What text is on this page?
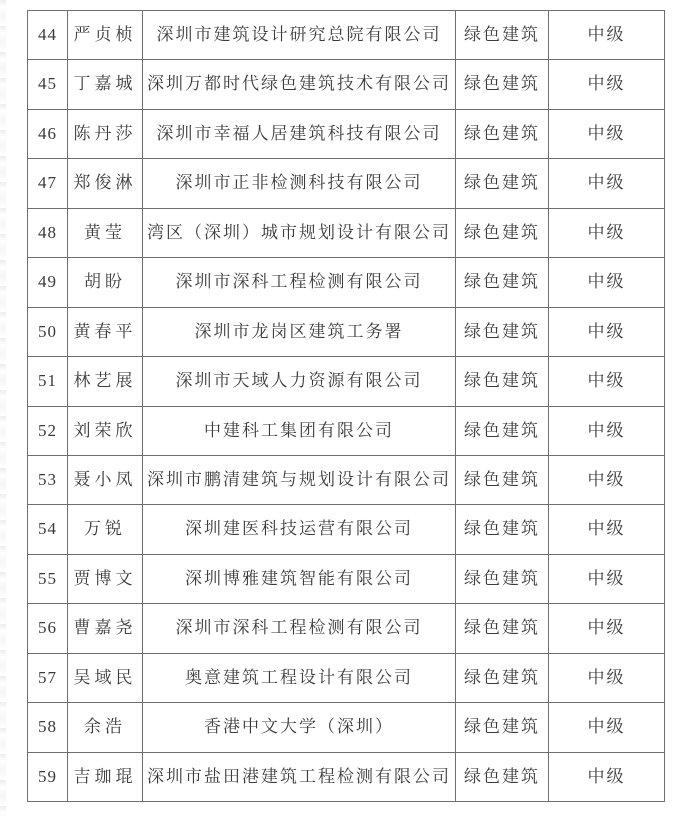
44	严贞桢	深圳市建筑设计研究总院有限公司	绿色建筑	中级
45	丁嘉城	深圳万都时代绿色建筑技术有限公司	绿色建筑	中级
46	陈丹莎	深圳市幸福人居建筑科技有限公司	绿色建筑	中级
47	郑俊淋	深圳市正非检测科技有限公司	绿色建筑	中级
48	黄莹	湾区（深圳）城市规划设计有限公司	绿色建筑	中级
49	胡盼	深圳市深科工程检测有限公司	绿色建筑	中级
50	黄春平	深圳市龙岗区建筑工务署	绿色建筑	中级
51	林艺展	深圳市天域人力资源有限公司	绿色建筑	中级
52	刘荣欣	中建科工集团有限公司	绿色建筑	中级
53	聂小凤	深圳市鹏清建筑与规划设计有限公司	绿色建筑	中级
54	万锐	深圳建医科技运营有限公司	绿色建筑	中级
55	贾博文	深圳博雅建筑智能有限公司	绿色建筑	中级
56	曹嘉尧	深圳市深科工程检测有限公司	绿色建筑	中级
57	吴域民	奥意建筑工程设计有限公司	绿色建筑	中级
58	余浩	香港中文大学（深圳）	绿色建筑	中级
59	吉珈琨	深圳市盐田港建筑工程检测有限公司	绿色建筑	中级
